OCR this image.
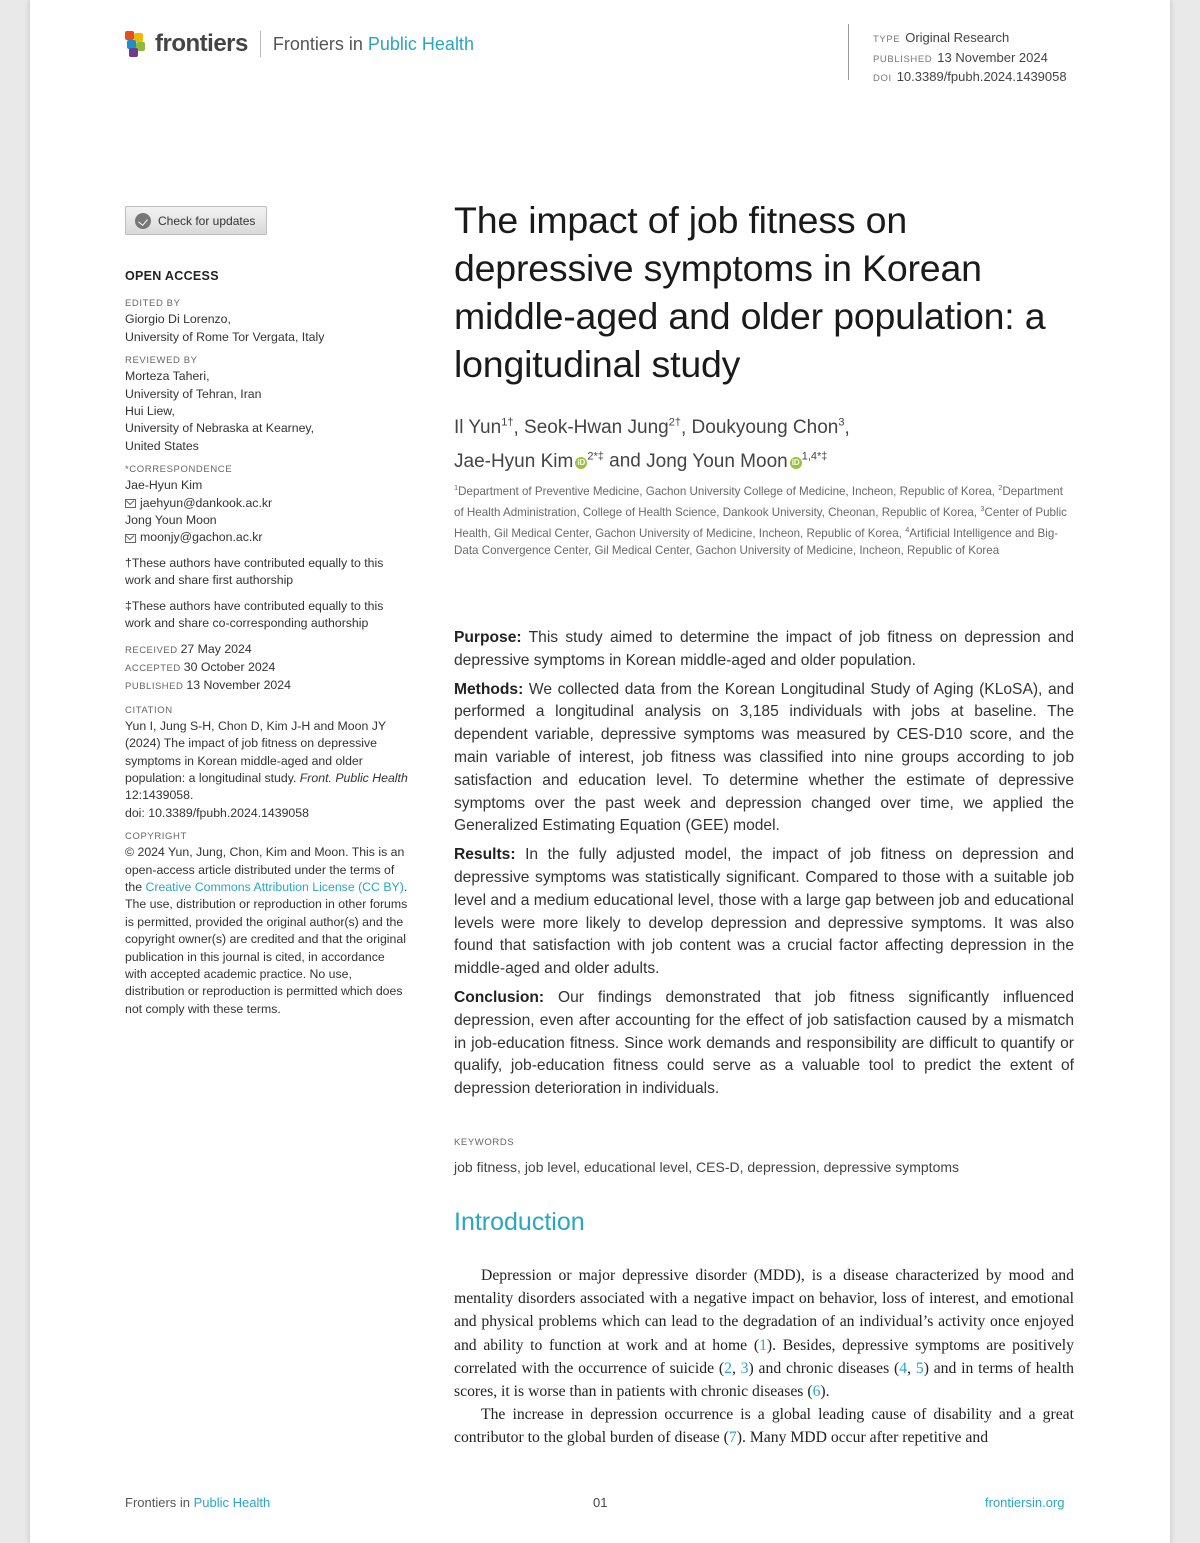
frontiers Frontiers in Public Health	TYPE Original Research
PUBLISHED 13 November 2024
DOI 10.3389/fpubh.2024.1439058
Check for updates
OPEN ACCESS
EDITED BY

Giorgio Di Lorenzo,

University of Rome Tor Vergata, Italy

REVIEWED BY

Morteza Taheri,

University of Tehran, Iran

Hui Liew,

University of Nebraska at Kearney,

United States

*CORRESPONDENCE

Jae-Hyun Kim

jaehyun@dankook.ac.kr

Jong Youn Moon

moonjy@gachon.ac.kr

†These authors have contributed equally to this work and share first authorship

‡These authors have contributed equally to this work and share co-corresponding authorship

RECEIVED 27 May 2024

ACCEPTED 30 October 2024

PUBLISHED 13 November 2024

CITATION

Yun I, Jung S-H, Chon D, Kim J-H and Moon JY (2024) The impact of job fitness on depressive symptoms in Korean middle-aged and older population: a longitudinal study. Front. Public Health 12:1439058.
doi: 10.3389/fpubh.2024.1439058

COPYRIGHT

© 2024 Yun, Jung, Chon, Kim and Moon. This is an open-access article distributed under the terms of the Creative Commons Attribution License (CC BY). The use, distribution or reproduction in other forums is permitted, provided the original author(s) and the copyright owner(s) are credited and that the original publication in this journal is cited, in accordance with accepted academic practice. No use, distribution or reproduction is permitted which does not comply with these terms.

The impact of job fitness on depressive symptoms in Korean middle-aged and older population: a longitudinal study
Il Yun$^{1\dagger}$, Seok-Hwan Jung$^{2\dagger}$, Doukyoung Chon$^3$,
Jae-Hyun Kim iD $^{2*\ddagger}$ and Jong Youn Moon iD $^{1,4*\ddagger}$
$^1$Department of Preventive Medicine, Gachon University College of Medicine, Incheon, Republic of Korea, $^2$Department of Health Administration, College of Health Science, Dankook University, Cheonan, Republic of Korea, $^3$Center of Public Health, Gil Medical Center, Gachon University of Medicine, Incheon, Republic of Korea, $^4$Artificial Intelligence and Big-Data Convergence Center, Gil Medical Center, Gachon University of Medicine, Incheon, Republic of Korea

Purpose: This study aimed to determine the impact of job fitness on depression and depressive symptoms in Korean middle-aged and older population.

Methods: We collected data from the Korean Longitudinal Study of Aging (KLoSA), and performed a longitudinal analysis on 3,185 individuals with jobs at baseline. The dependent variable, depressive symptoms was measured by CES-D10 score, and the main variable of interest, job fitness was classified into nine groups according to job satisfaction and education level. To determine whether the estimate of depressive symptoms over the past week and depression changed over time, we applied the Generalized Estimating Equation (GEE) model.

Results: In the fully adjusted model, the impact of job fitness on depression and depressive symptoms was statistically significant. Compared to those with a suitable job level and a medium educational level, those with a large gap between job and educational levels were more likely to develop depression and depressive symptoms. It was also found that satisfaction with job content was a crucial factor affecting depression in the middle-aged and older adults.

Conclusion: Our findings demonstrated that job fitness significantly influenced depression, even after accounting for the effect of job satisfaction caused by a mismatch in job-education fitness. Since work demands and responsibility are difficult to quantify or qualify, job-education fitness could serve as a valuable tool to predict the extent of depression deterioration in individuals.

KEYWORDS
job fitness, job level, educational level, CES-D, depression, depressive symptoms
Introduction

Depression or major depressive disorder (MDD), is a disease characterized by mood and mentality disorders associated with a negative impact on behavior, loss of interest, and emotional and physical problems which can lead to the degradation of an individual’s activity once enjoyed and ability to function at work and at home (1). Besides, depressive symptoms are positively correlated with the occurrence of suicide (2, 3) and chronic diseases (4, 5) and in terms of health scores, it is worse than in patients with chronic diseases (6).

The increase in depression occurrence is a global leading cause of disability and a great contributor to the global burden of disease (7). Many MDD occur after repetitive and

Frontiers in Public Health	01	frontiersin.org
